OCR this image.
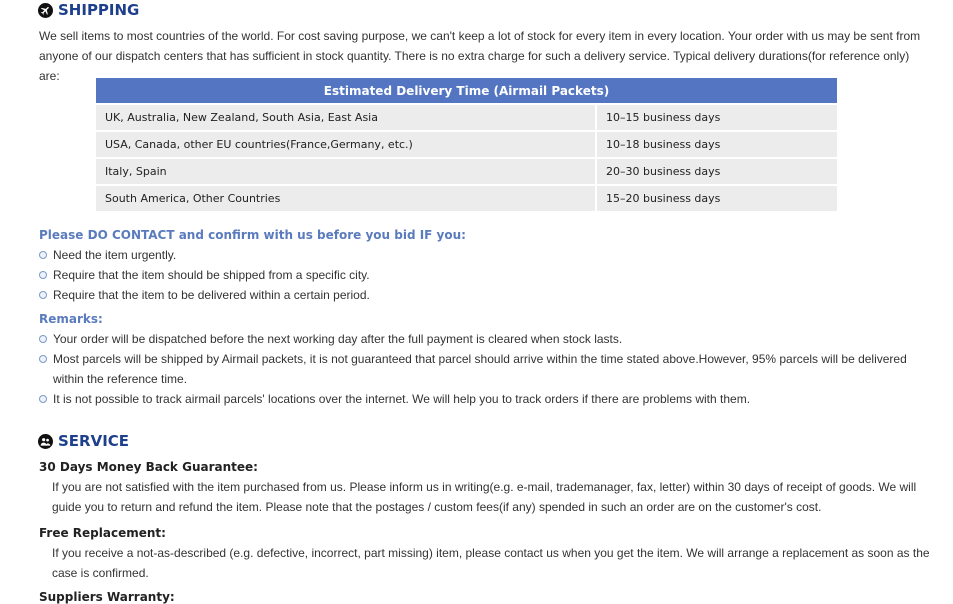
SHIPPING
We sell items to most countries of the world. For cost saving purpose, we can't keep a lot of stock for every item in every location. Your order with us may be sent from anyone of our dispatch centers that has sufficient in stock quantity. There is no extra charge for such a delivery service. Typical delivery durations(for reference only) are:
Estimated Delivery Time (Airmail Packets)	
UK, Australia, New Zealand, South Asia, East Asia	10–15 business days
USA, Canada, other EU countries(France,Germany, etc.)	10–18 business days
Italy, Spain	20–30 business days
South America, Other Countries	15–20 business days
Please DO CONTACT and confirm with us before you bid IF you:
Need the item urgently.
Require that the item should be shipped from a specific city.
Require that the item to be delivered within a certain period.
Remarks:
Your order will be dispatched before the next working day after the full payment is cleared when stock lasts.
Most parcels will be shipped by Airmail packets, it is not guaranteed that parcel should arrive within the time stated above.However, 95% parcels will be delivered within the reference time.
It is not possible to track airmail parcels' locations over the internet. We will help you to track orders if there are problems with them.
SERVICE
30 Days Money Back Guarantee:
If you are not satisfied with the item purchased from us. Please inform us in writing(e.g. e-mail, trademanager, fax, letter) within 30 days of receipt of goods. We will guide you to return and refund the item. Please note that the postages / custom fees(if any) spended in such an order are on the customer's cost.
Free Replacement:
If you receive a not-as-described (e.g. defective, incorrect, part missing) item, please contact us when you get the item. We will arrange a replacement as soon as the case is confirmed.
Suppliers Warranty:
